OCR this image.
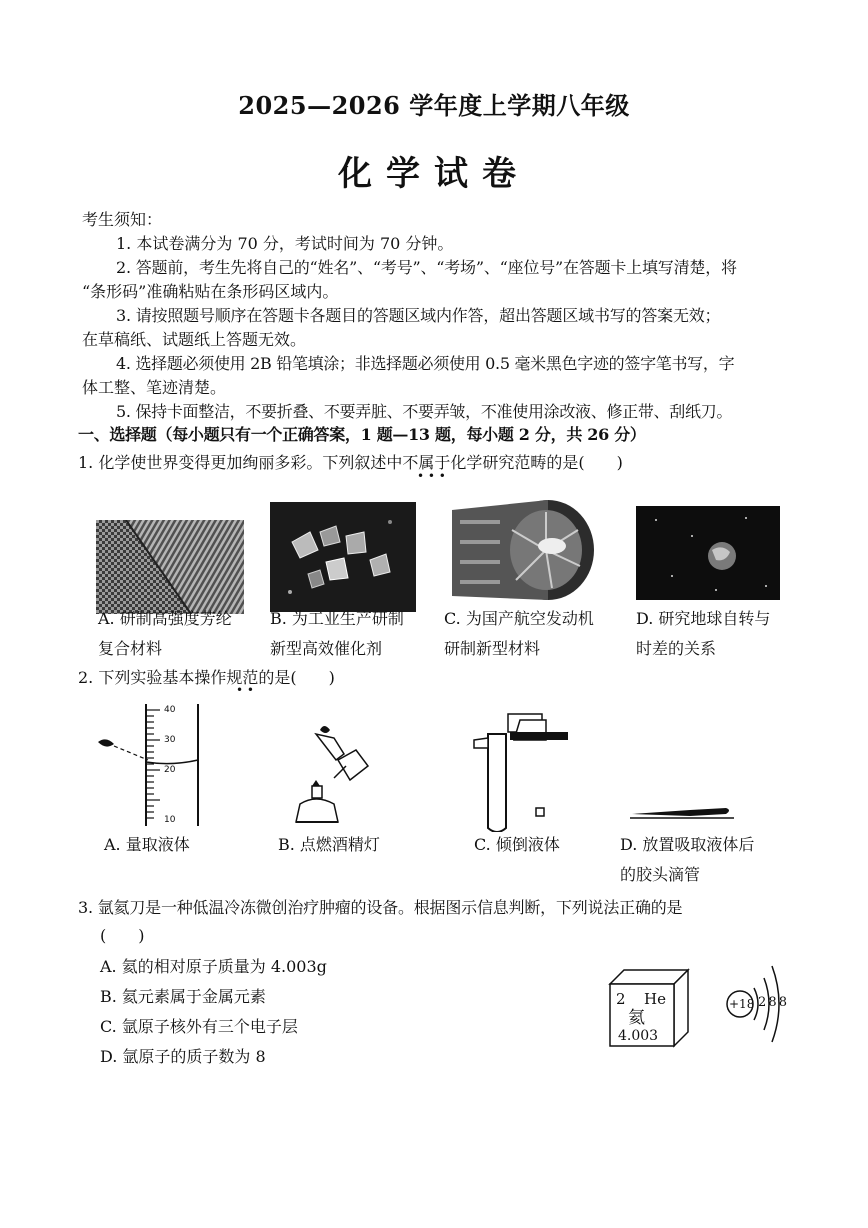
2025—2026 学年度上学期八年级
化学试卷
考生须知：
1. 本试卷满分为 70 分，考试时间为 70 分钟。
2. 答题前，考生先将自己的“姓名”、“考号”、“考场”、“座位号”在答题卡上填写清楚，将
“条形码”准确粘贴在条形码区域内。
3. 请按照题号顺序在答题卡各题目的答题区域内作答，超出答题区域书写的答案无效；
在草稿纸、试题纸上答题无效。
4. 选择题必须使用 2B 铅笔填涂；非选择题必须使用 0.5 毫米黑色字迹的签字笔书写，字
体工整、笔迹清楚。
5. 保持卡面整洁，不要折叠、不要弄脏、不要弄皱，不准使用涂改液、修正带、刮纸刀。
一、选择题（每小题只有一个正确答案，1 题—13 题，每小题 2 分，共 26 分）
1. 化学使世界变得更加绚丽多彩。下列叙述中不属于化学研究范畴的是(　　)
• • •
A. 研制高强度芳纶
复合材料
B. 为工业生产研制
新型高效催化剂
C. 为国产航空发动机
研制新型材料
D. 研究地球自转与
时差的关系
2. 下列实验基本操作规范的是(　　)
• •
40
30
20
10
A. 量取液体	B. 点燃酒精灯	C. 倾倒液体	D. 放置吸取液体后
的胶头滴管
3. 氩氦刀是一种低温冷冻微创治疗肿瘤的设备。根据图示信息判断，下列说法正确的是
(　　)
A. 氦的相对原子质量为 4.003g
B. 氦元素属于金属元素
C. 氩原子核外有三个电子层
D. 氩原子的质子数为 8
2 He
氦
4.003
+18 2 8 8
